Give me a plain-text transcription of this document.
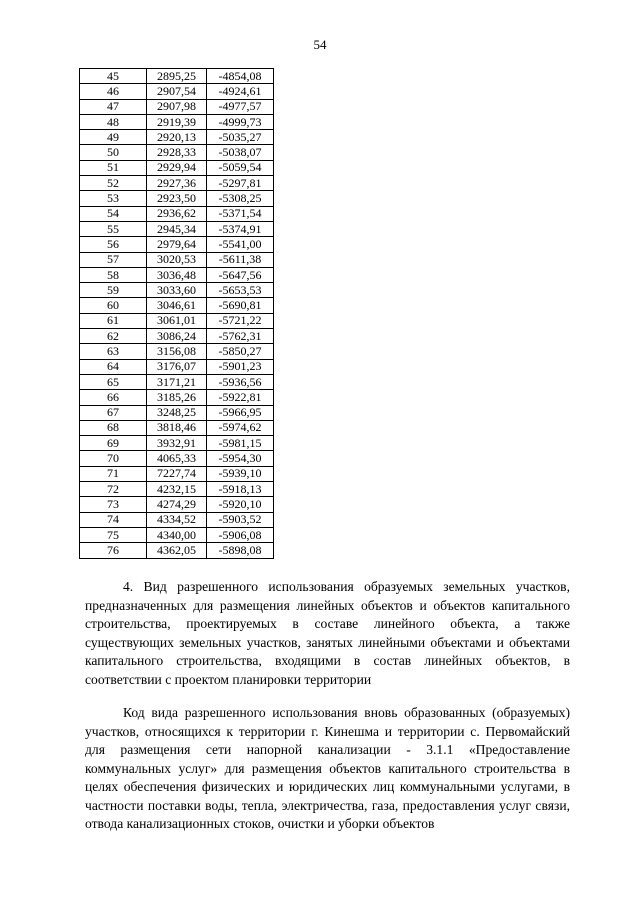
54
45	2895,25	-4854,08
46	2907,54	-4924,61
47	2907,98	-4977,57
48	2919,39	-4999,73
49	2920,13	-5035,27
50	2928,33	-5038,07
51	2929,94	-5059,54
52	2927,36	-5297,81
53	2923,50	-5308,25
54	2936,62	-5371,54
55	2945,34	-5374,91
56	2979,64	-5541,00
57	3020,53	-5611,38
58	3036,48	-5647,56
59	3033,60	-5653,53
60	3046,61	-5690,81
61	3061,01	-5721,22
62	3086,24	-5762,31
63	3156,08	-5850,27
64	3176,07	-5901,23
65	3171,21	-5936,56
66	3185,26	-5922,81
67	3248,25	-5966,95
68	3818,46	-5974,62
69	3932,91	-5981,15
70	4065,33	-5954,30
71	7227,74	-5939,10
72	4232,15	-5918,13
73	4274,29	-5920,10
74	4334,52	-5903,52
75	4340,00	-5906,08
76	4362,05	-5898,08

4. Вид разрешенного использования образуемых земельных участков, предназначенных для размещения линейных объектов и объектов капитального строительства, проектируемых в составе линейного объекта, а также существующих земельных участков, занятых линейными объектами и объектами капитального строительства, входящими в состав линейных объектов, в соответствии с проектом планировки территории

Код вида разрешенного использования вновь образованных (образуемых) участков, относящихся к территории г. Кинешма и территории с. Первомайский для размещения сети напорной канализации - 3.1.1 «Предоставление коммунальных услуг» для размещения объектов капитального строительства в целях обеспечения физических и юридических лиц коммунальными услугами, в частности поставки воды, тепла, электричества, газа, предоставления услуг связи, отвода канализационных стоков, очистки и уборки объектов
